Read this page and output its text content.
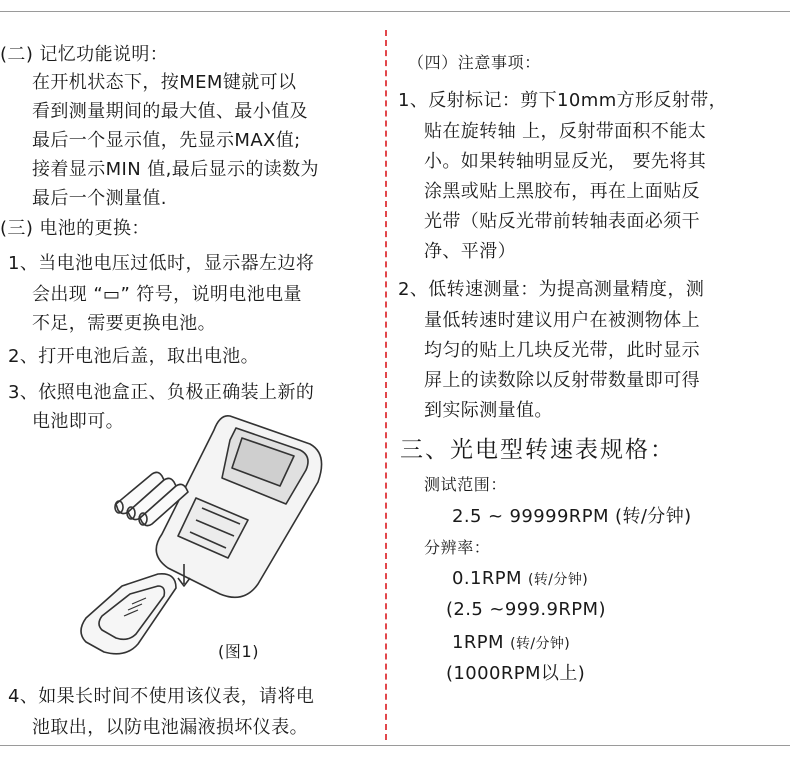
(二) 记忆功能说明：
在开机状态下，按MEM键就可以
看到测量期间的最大值、最小值及
最后一个显示值，先显示MAX值;
接着显示MIN 值,最后显示的读数为
最后一个测量值.
(三) 电池的更换：
1、当电池电压过低时，显示器左边将
会出现 “▭” 符号，说明电池电量
不足，需要更换电池。
2、打开电池后盖，取出电池。
3、依照电池盒正、负极正确装上新的
电池即可。
(图1)
4、如果长时间不使用该仪表，请将电
池取出，以防电池漏液损坏仪表。
（四）注意事项：
1、反射标记：剪下10mm方形反射带，
贴在旋转轴 上，反射带面积不能太
小。如果转轴明显反光， 要先将其
涂黑或贴上黑胶布，再在上面贴反
光带（贴反光带前转轴表面必须干
净、平滑）
2、低转速测量：为提高测量精度，测
量低转速时建议用户在被测物体上
均匀的贴上几块反光带，此时显示
屏上的读数除以反射带数量即可得
到实际测量值。
三、光电型转速表规格：
测试范围：
2.5 ~ 99999RPM (转/分钟)
分辨率：
0.1RPM (转/分钟)
(2.5 ~999.9RPM)
1RPM (转/分钟)
(1000RPM以上)
